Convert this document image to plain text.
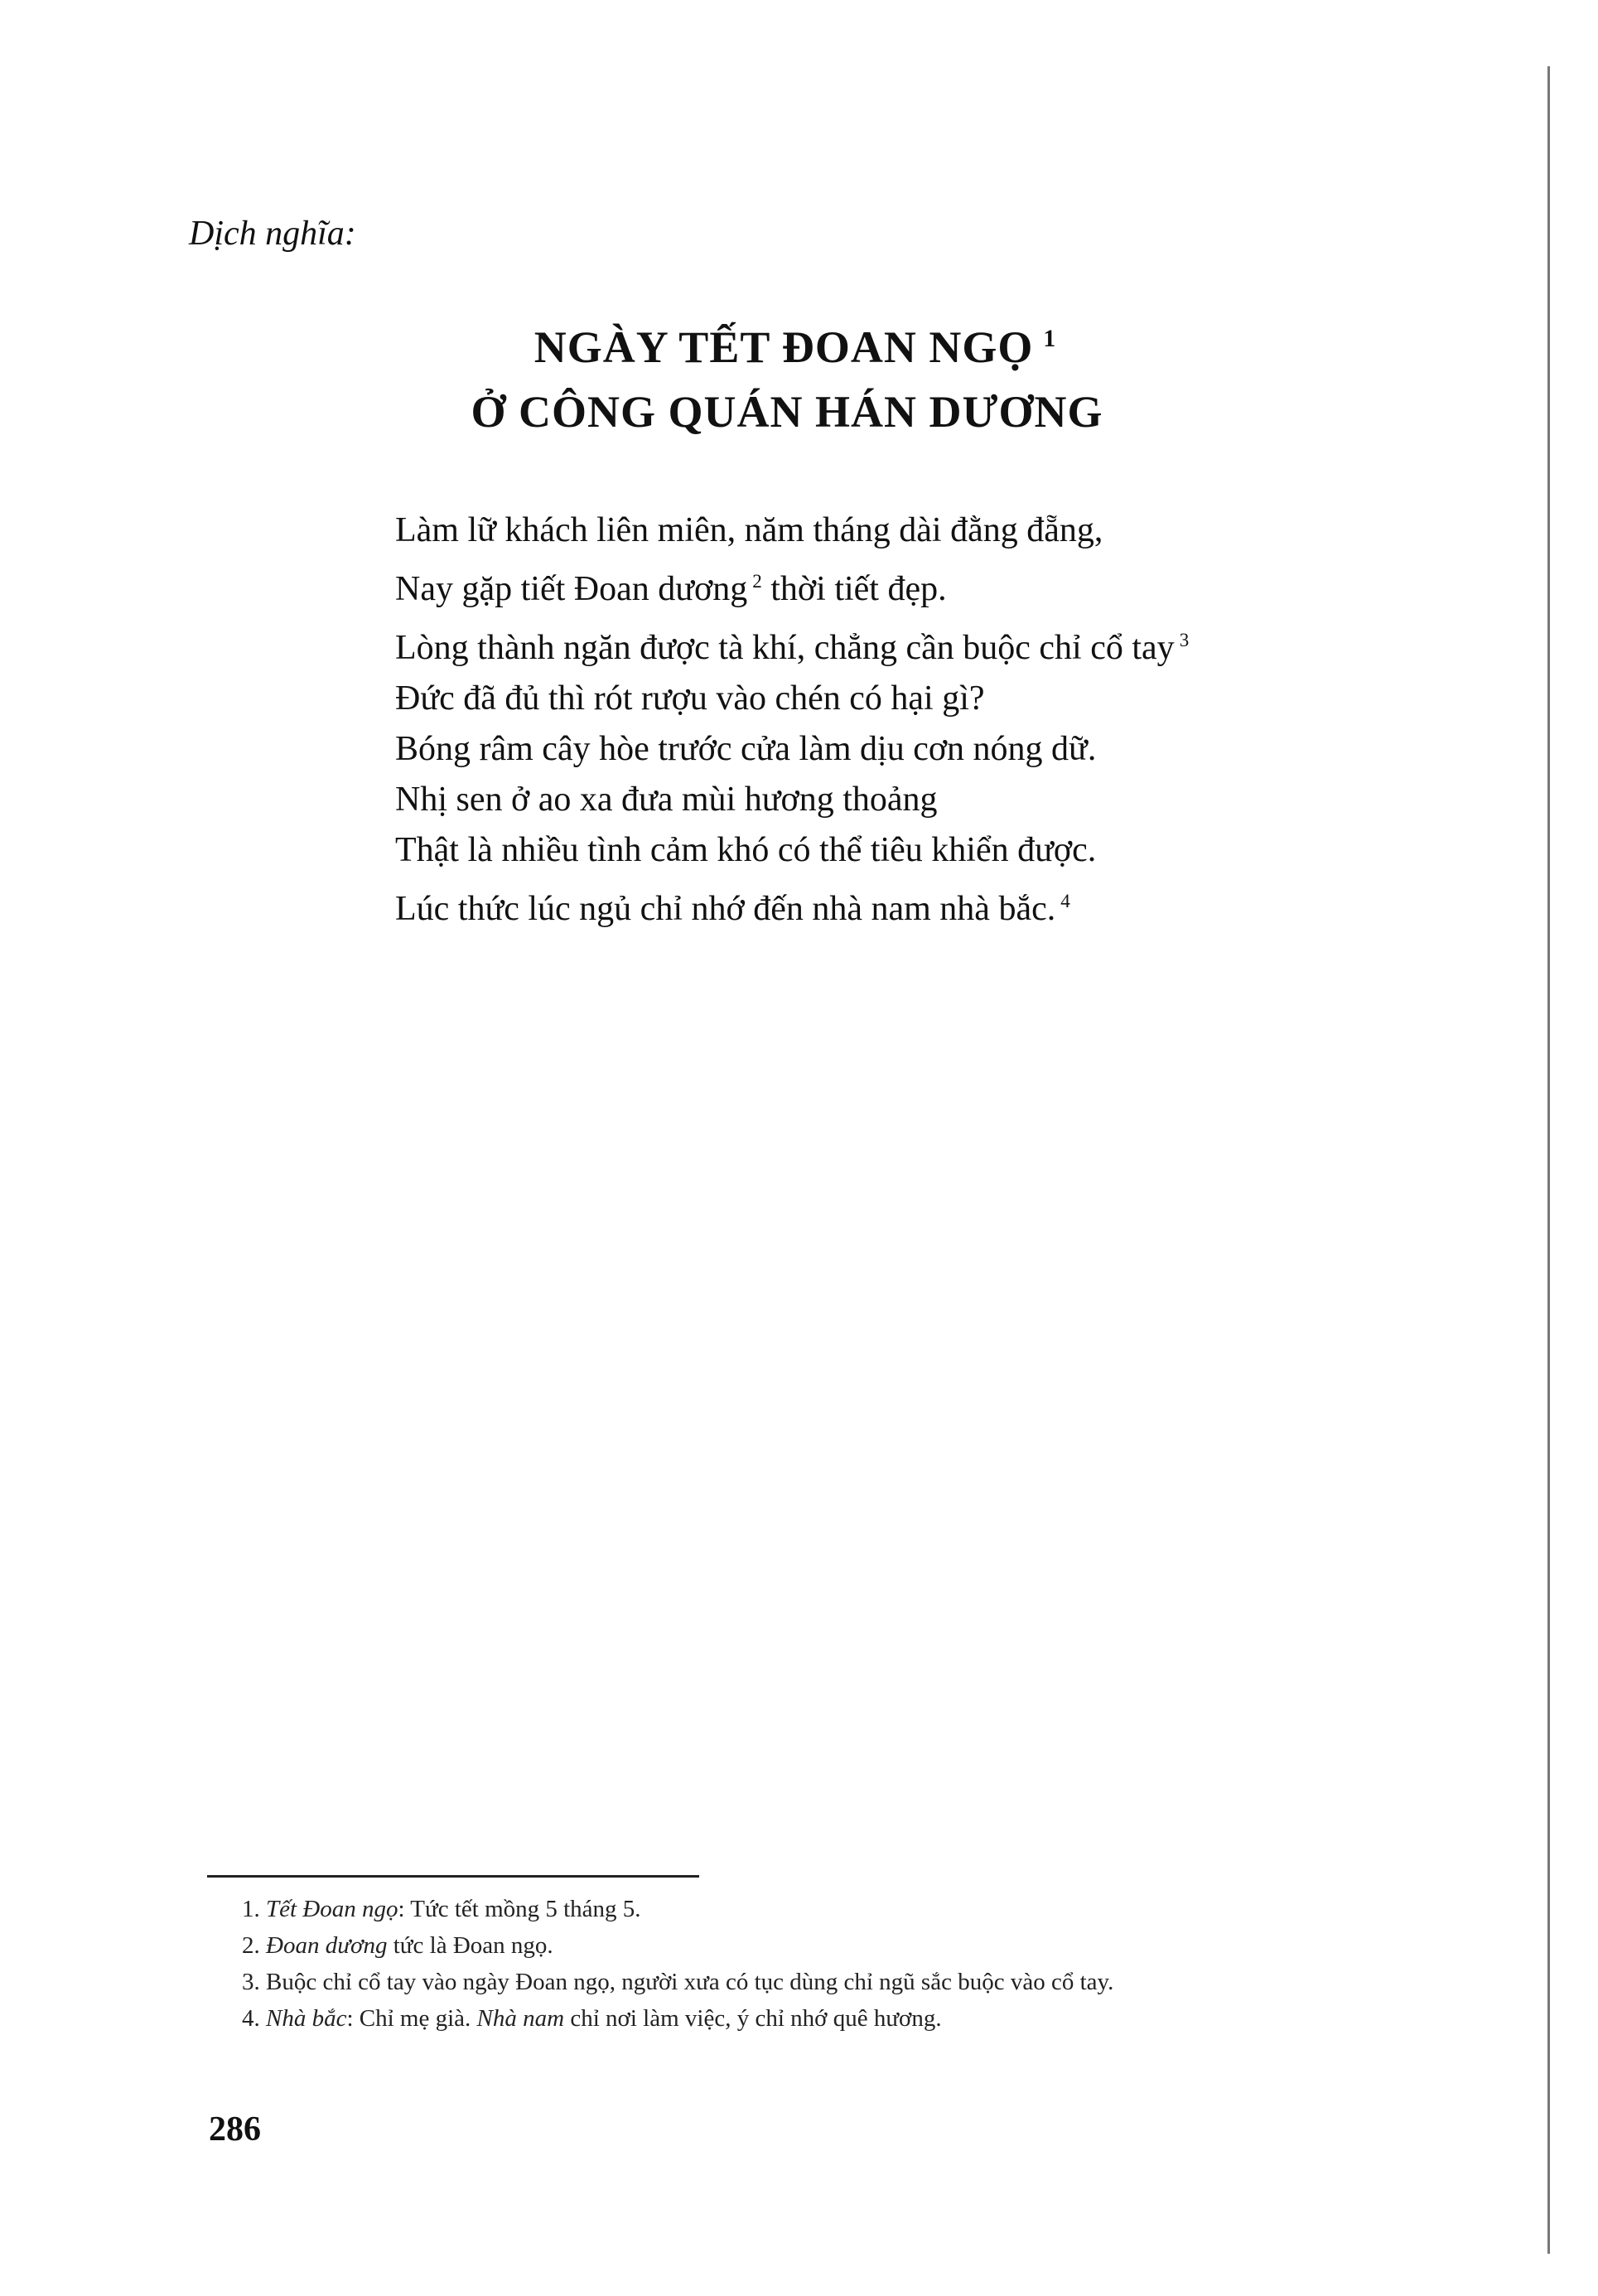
Dịch nghĩa:
NGÀY TẾT ĐOAN NGỌ $^1$
Ở CÔNG QUÁN HÁN DƯƠNG
Làm lữ khách liên miên, năm tháng dài đằng đẵng,
Nay gặp tiết Đoan dương $^2$ thời tiết đẹp.
Lòng thành ngăn được tà khí, chẳng cần buộc chỉ cổ tay $^3$
Đức đã đủ thì rót rượu vào chén có hại gì?
Bóng râm cây hòe trước cửa làm dịu cơn nóng dữ.
Nhị sen ở ao xa đưa mùi hương thoảng
Thật là nhiều tình cảm khó có thể tiêu khiển được.
Lúc thức lúc ngủ chỉ nhớ đến nhà nam nhà bắc. $^4$
1. Tết Đoan ngọ: Tức tết mồng 5 tháng 5.
2. Đoan dương tức là Đoan ngọ.
3. Buộc chỉ cổ tay vào ngày Đoan ngọ, người xưa có tục dùng chỉ ngũ sắc buộc vào cổ tay.
4. Nhà bắc: Chỉ mẹ già. Nhà nam chỉ nơi làm việc, ý chỉ nhớ quê hương.
286
